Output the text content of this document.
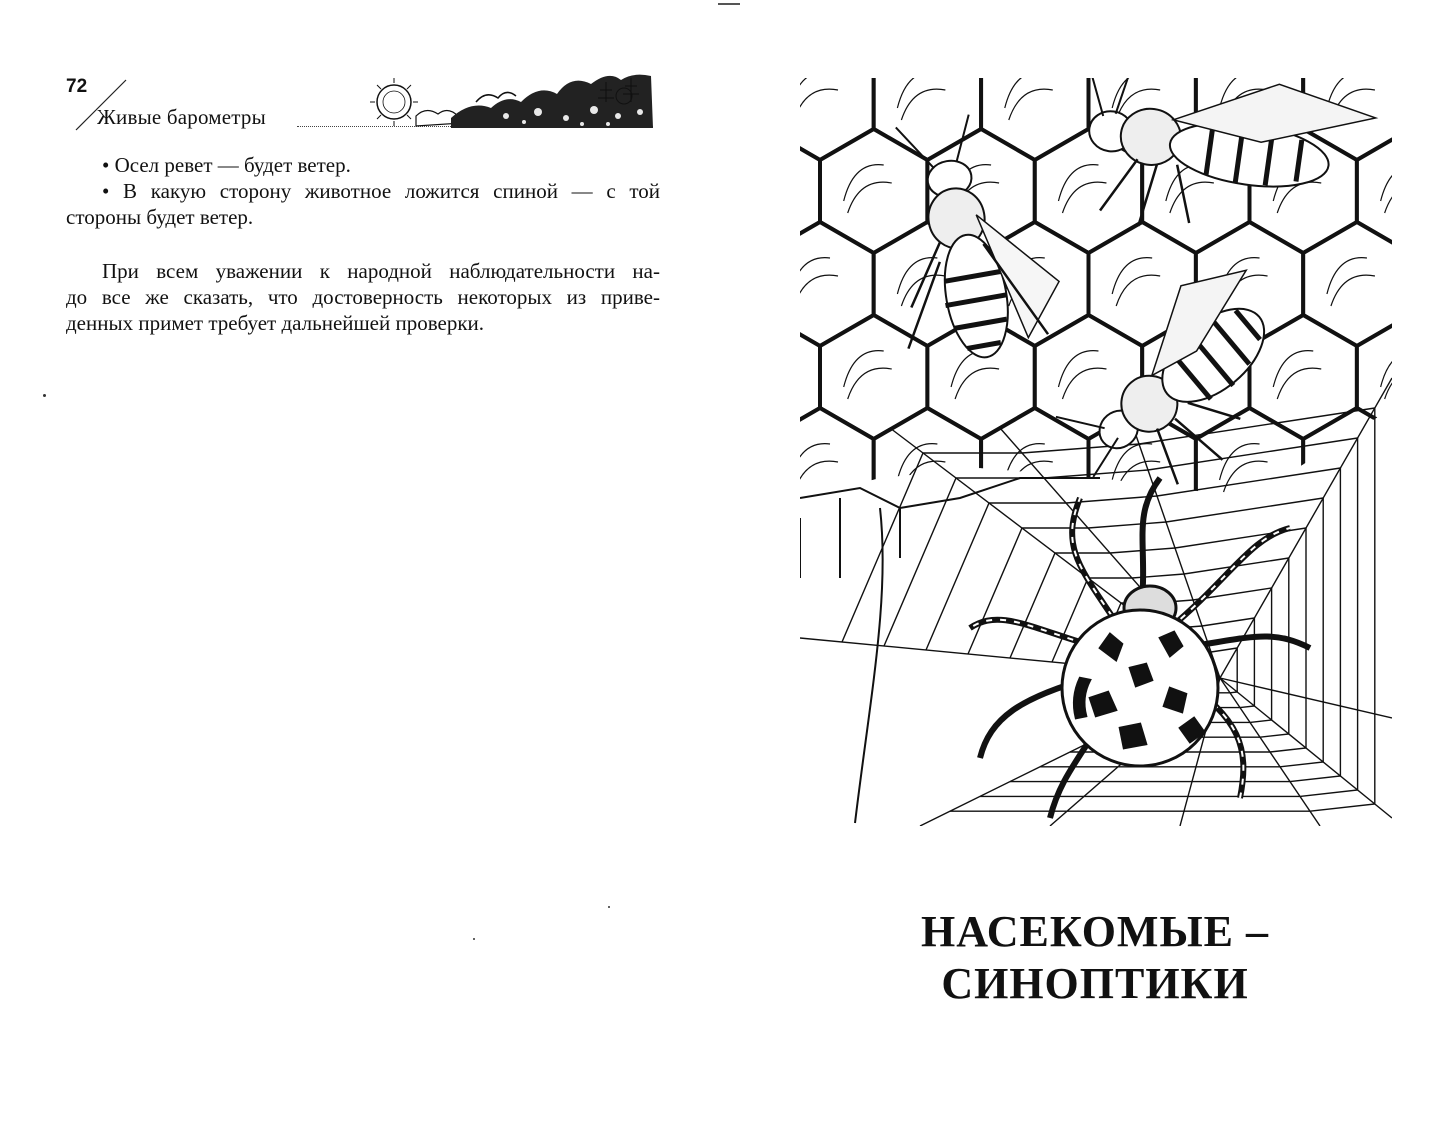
72
Живые барометры
• Осел ревет — будет ветер.
• В какую сторону животное ложится спиной — с той
стороны будет ветер.
При всем уважении к народной наблюдательности на-
до все же сказать, что достоверность некоторых из приве-
денных примет требует дальнейшей проверки.
НАСЕКОМЫЕ –
СИНОПТИКИ
